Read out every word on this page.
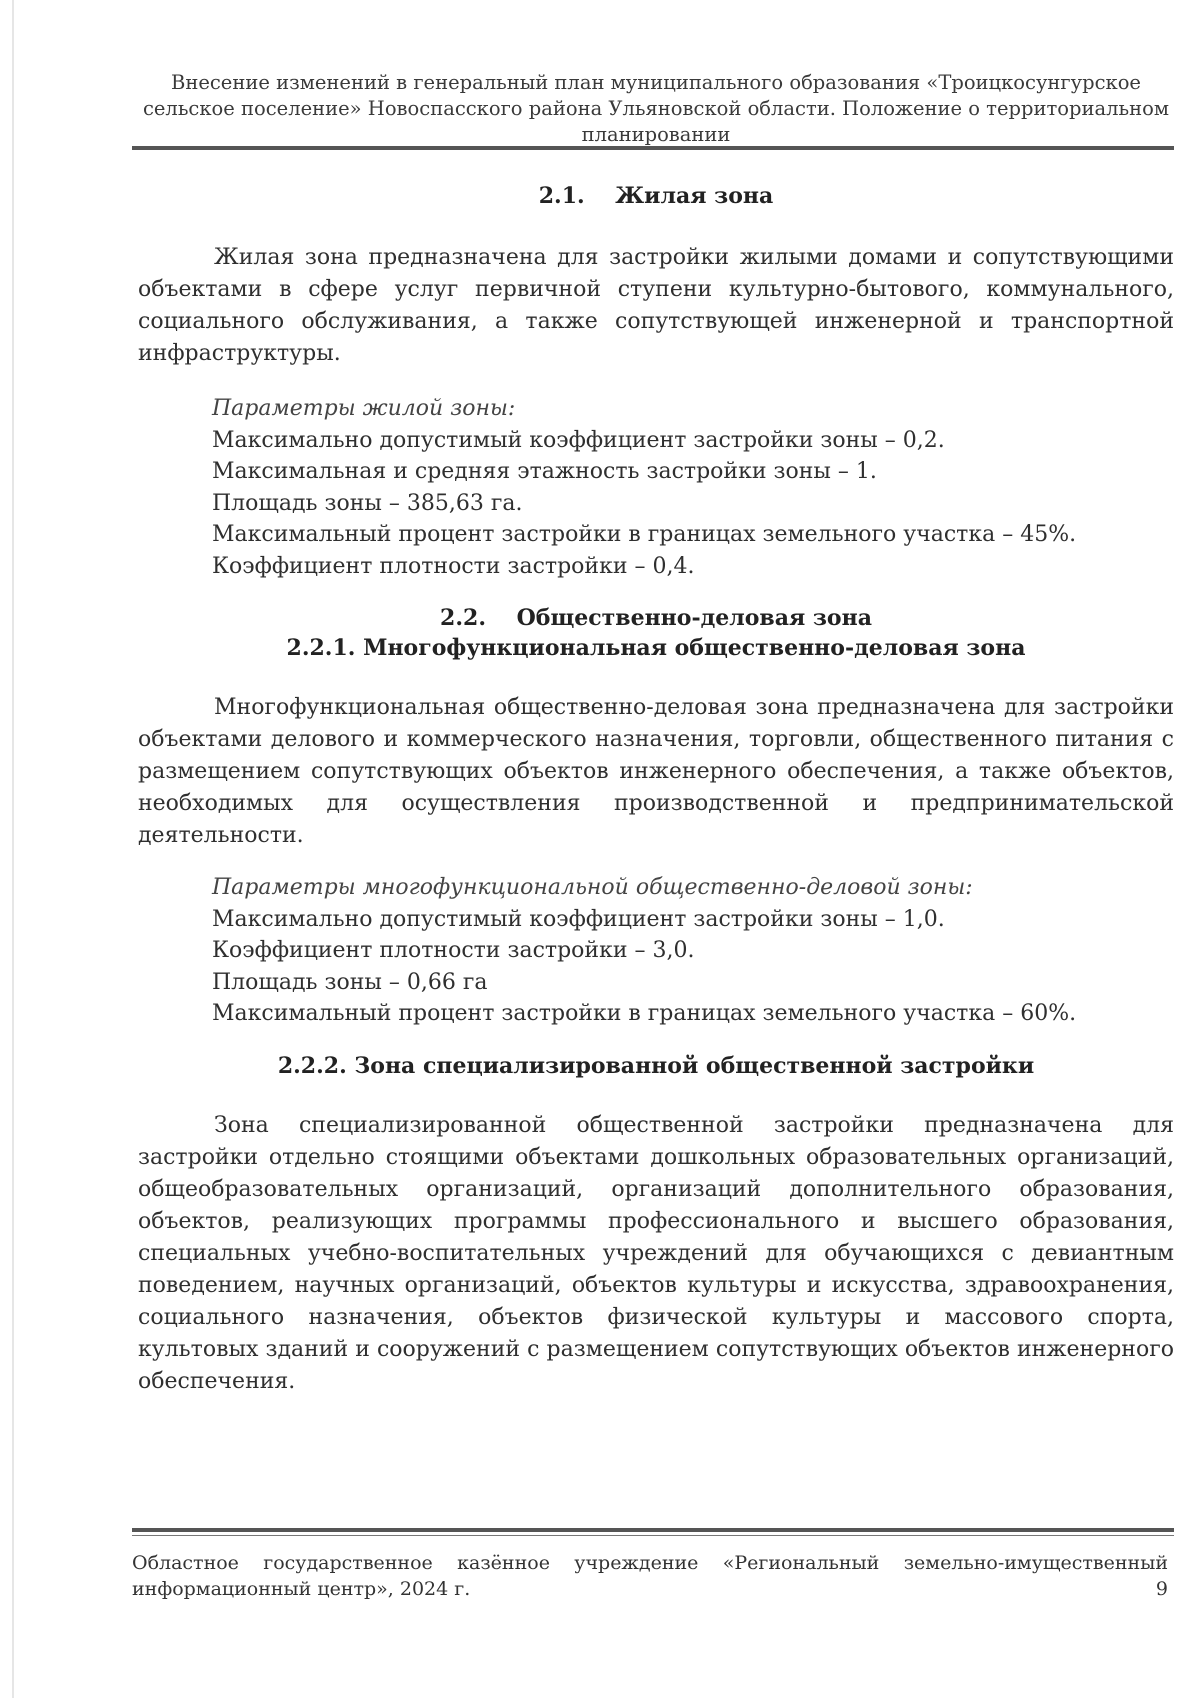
Внесение изменений в генеральный план муниципального образования «Троицкосунгурское сельское поселение» Новоспасского района Ульяновской области. Положение о территориальном планировании
2.1.    Жилая зона
Жилая зона предназначена для застройки жилыми домами и сопутствующими объектами в сфере услуг первичной ступени культурно-бытового, коммунального, социального обслуживания, а также сопутствующей инженерной и транспортной инфраструктуры.
Параметры жилой зоны:
Максимально допустимый коэффициент застройки зоны – 0,2.
Максимальная и средняя этажность застройки зоны – 1.
Площадь зоны – 385,63 га.
Максимальный процент застройки в границах земельного участка – 45%.
Коэффициент плотности застройки – 0,4.
2.2.    Общественно-деловая зона
2.2.1. Многофункциональная общественно-деловая зона
Многофункциональная общественно-деловая зона предназначена для застройки объектами делового и коммерческого назначения, торговли, общественного питания с размещением сопутствующих объектов инженерного обеспечения, а также объектов, необходимых для осуществления производственной и предпринимательской деятельности.
Параметры многофункциональной общественно-деловой зоны:
Максимально допустимый коэффициент застройки зоны – 1,0.
Коэффициент плотности застройки – 3,0.
Площадь зоны – 0,66 га
Максимальный процент застройки в границах земельного участка – 60%.
2.2.2. Зона специализированной общественной застройки
Зона специализированной общественной застройки предназначена для застройки отдельно стоящими объектами дошкольных образовательных организаций, общеобразовательных организаций, организаций дополнительного образования, объектов, реализующих программы профессионального и высшего образования, специальных учебно-воспитательных учреждений для обучающихся с девиантным поведением, научных организаций, объектов культуры и искусства, здравоохранения, социального назначения, объектов физической культуры и массового спорта, культовых зданий и сооружений с размещением сопутствующих объектов инженерного обеспечения.
Областное государственное казённое учреждение «Региональный земельно-имущественный
информационный центр», 2024 г.	9
